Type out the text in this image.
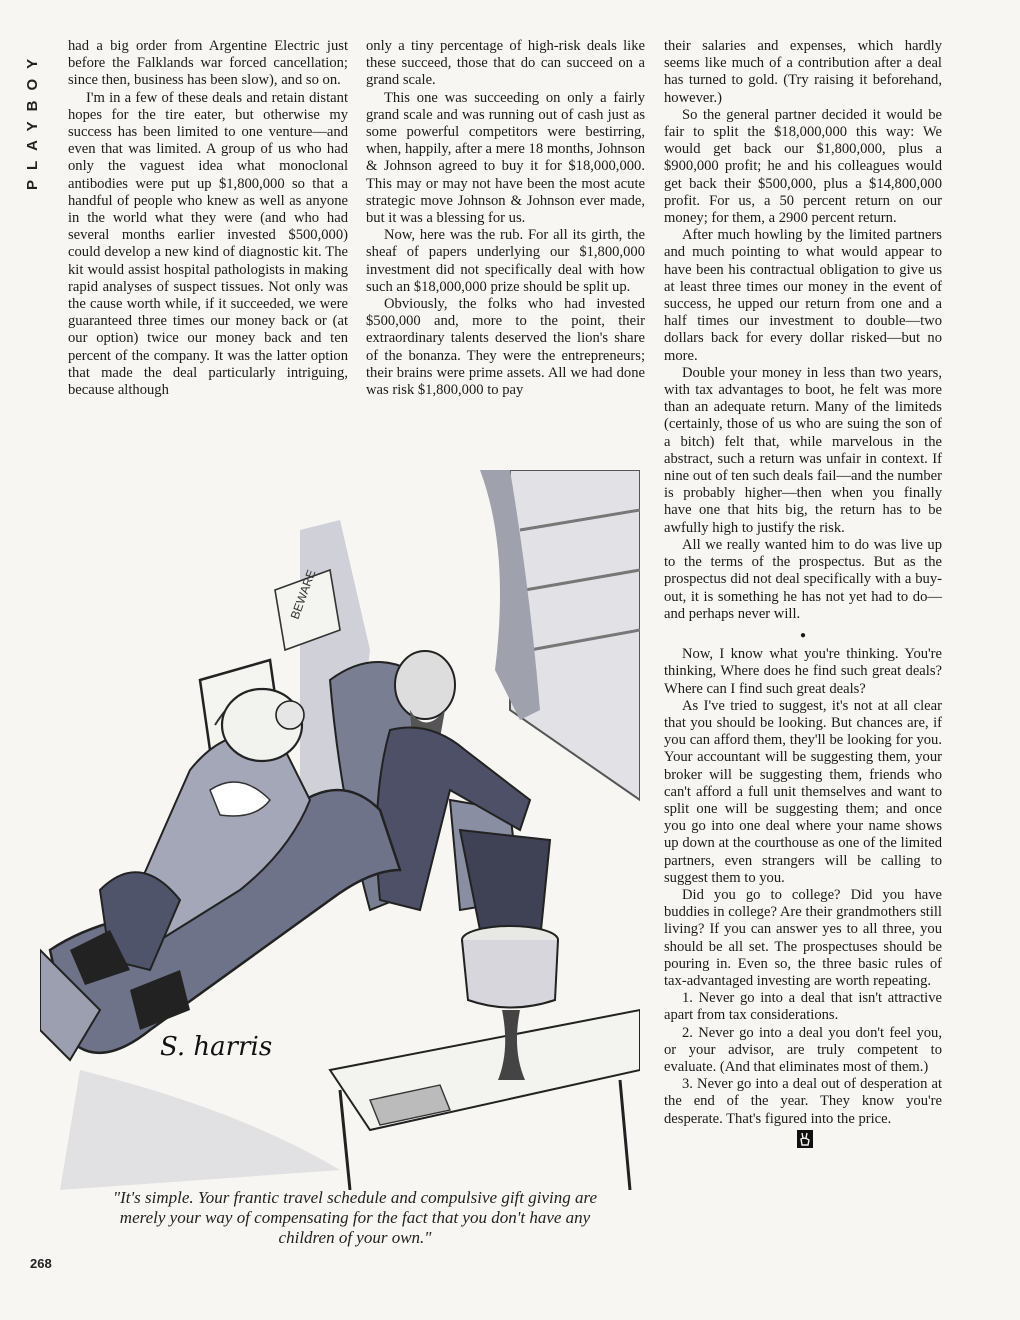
PLAYBOY

had a big order from Argentine Electric just before the Falklands war forced cancellation; since then, business has been slow), and so on.

I'm in a few of these deals and retain distant hopes for the tire eater, but otherwise my success has been limited to one venture—and even that was limited. A group of us who had only the vaguest idea what monoclonal antibodies were put up $1,800,000 so that a handful of people who knew as well as anyone in the world what they were (and who had several months earlier invested $500,000) could develop a new kind of diagnostic kit. The kit would assist hospital pathologists in making rapid analyses of suspect tissues. Not only was the cause worth while, if it succeeded, we were guaranteed three times our money back or (at our option) twice our money back and ten percent of the company. It was the latter option that made the deal particularly intriguing, because although

only a tiny percentage of high-risk deals like these succeed, those that do can succeed on a grand scale.

This one was succeeding on only a fairly grand scale and was running out of cash just as some powerful competitors were bestirring, when, happily, after a mere 18 months, Johnson & Johnson agreed to buy it for $18,000,000. This may or may not have been the most acute strategic move Johnson & Johnson ever made, but it was a blessing for us.

Now, here was the rub. For all its girth, the sheaf of papers underlying our $1,800,000 investment did not specifically deal with how such an $18,000,000 prize should be split up.

Obviously, the folks who had invested $500,000 and, more to the point, their extraordinary talents deserved the lion's share of the bonanza. They were the entrepreneurs; their brains were prime assets. All we had done was risk $1,800,000 to pay

their salaries and expenses, which hardly seems like much of a contribution after a deal has turned to gold. (Try raising it beforehand, however.)

So the general partner decided it would be fair to split the $18,000,000 this way: We would get back our $1,800,000, plus a $900,000 profit; he and his colleagues would get back their $500,000, plus a $14,800,000 profit. For us, a 50 percent return on our money; for them, a 2900 percent return.

After much howling by the limited partners and much pointing to what would appear to have been his contractual obligation to give us at least three times our money in the event of success, he upped our return from one and a half times our investment to double—two dollars back for every dollar risked—but no more.

Double your money in less than two years, with tax advantages to boot, he felt was more than an adequate return. Many of the limiteds (certainly, those of us who are suing the son of a bitch) felt that, while marvelous in the abstract, such a return was unfair in context. If nine out of ten such deals fail—and the number is probably higher—then when you finally have one that hits big, the return has to be awfully high to justify the risk.

All we really wanted him to do was live up to the terms of the prospectus. But as the prospectus did not deal specifically with a buy-out, it is something he has not yet had to do—and perhaps never will.

●

Now, I know what you're thinking. You're thinking, Where does he find such great deals? Where can I find such great deals?

As I've tried to suggest, it's not at all clear that you should be looking. But chances are, if you can afford them, they'll be looking for you. Your accountant will be suggesting them, your broker will be suggesting them, friends who can't afford a full unit themselves and want to split one will be suggesting them; and once you go into one deal where your name shows up down at the courthouse as one of the limited partners, even strangers will be calling to suggest them to you.

Did you go to college? Did you have buddies in college? Are their grandmothers still living? If you can answer yes to all three, you should be all set. The prospectuses should be pouring in. Even so, the three basic rules of tax-advantaged investing are worth repeating.

1. Never go into a deal that isn't attractive apart from tax considerations.

2. Never go into a deal you don't feel you, or your advisor, are truly competent to evaluate. (And that eliminates most of them.)

3. Never go into a deal out of desperation at the end of the year. They know you're desperate. That's figured into the price.

BEWARE
S. harris
"It's simple. Your frantic travel schedule and compulsive gift giving are merely your way of compensating for the fact that you don't have any children of your own."
268
